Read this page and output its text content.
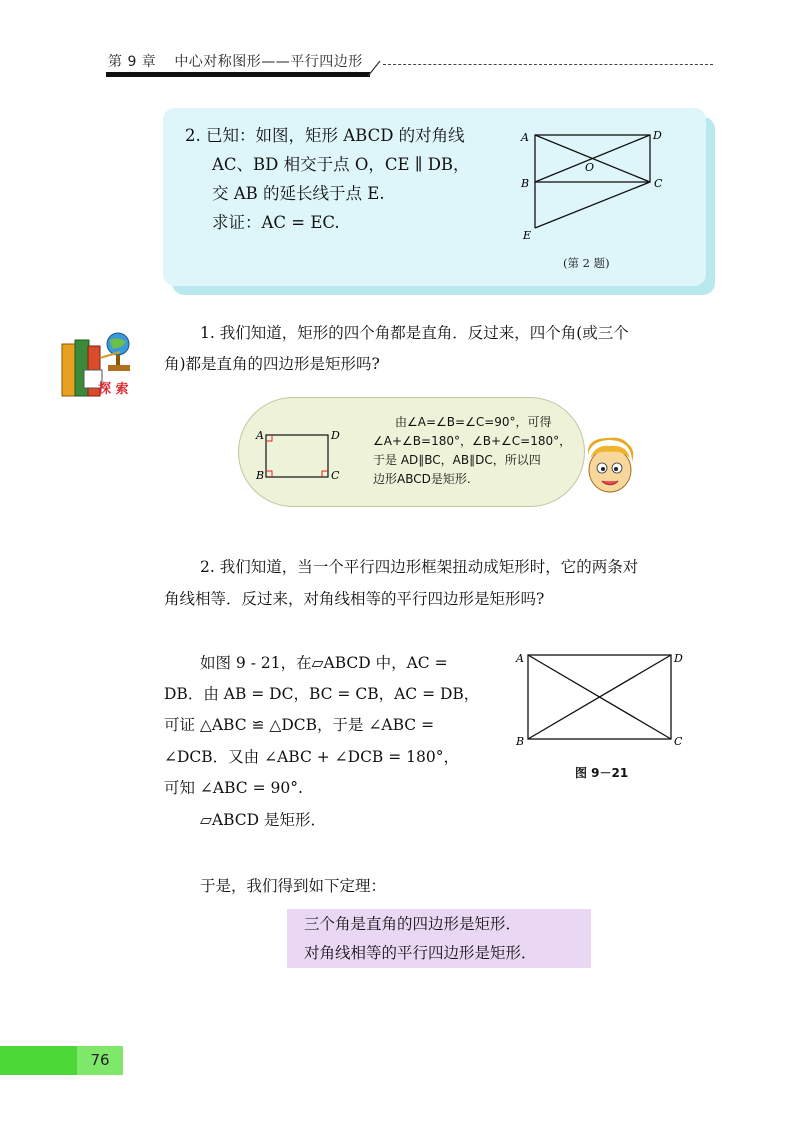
第 9 章 中心对称图形——平行四边形
2. 已知：如图，矩形 ABCD 的对角线
AC、BD 相交于点 O，CE ∥ DB，
交 AB 的延长线于点 E.
求证：AC = EC.
A	D
O
B	C
E
(第 2 题)
探 索
1. 我们知道，矩形的四个角都是直角．反过来，四个角(或三个
角)都是直角的四边形是矩形吗?
A	D
B	C
由∠A=∠B=∠C=90°，可得
∠A+∠B=180°，∠B+∠C=180°，
于是 AD∥BC，AB∥DC，所以四
边形ABCD是矩形.
2. 我们知道，当一个平行四边形框架扭动成矩形时，它的两条对
角线相等．反过来，对角线相等的平行四边形是矩形吗?
如图 9 - 21，在▱ABCD 中，AC =
DB．由 AB = DC，BC = CB，AC = DB，
可证 △ABC ≌ △DCB，于是 ∠ABC =
∠DCB．又由 ∠ABC + ∠DCB = 180°，
可知 ∠ABC = 90°.
▱ABCD 是矩形．
A	D
B	C
图 9－21
于是，我们得到如下定理：
三个角是直角的四边形是矩形．
对角线相等的平行四边形是矩形．
76
